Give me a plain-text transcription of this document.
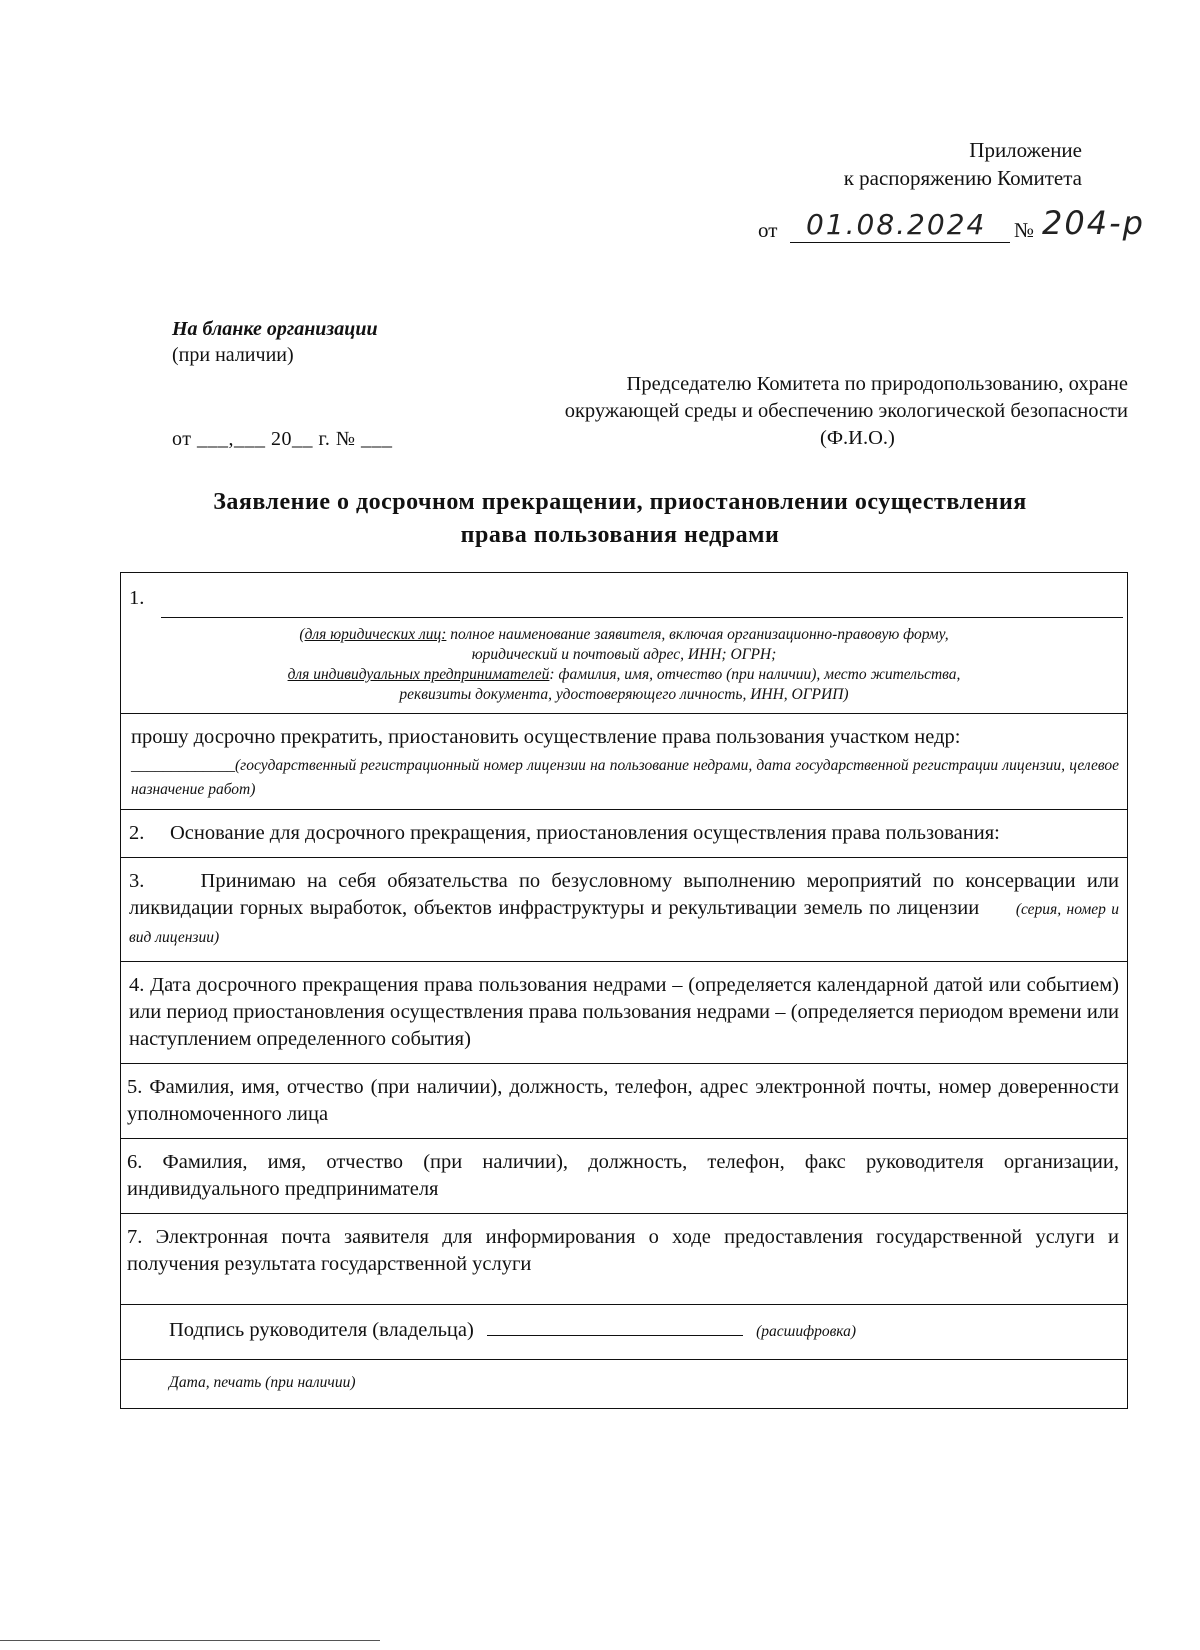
Приложение
к распоряжению Комитета
от 01.08.2024 № 204-р
На бланке организации
(при наличии)
от ___,___ 20__ г. № ___
Председателю Комитета по природопользованию, охране
окружающей среды и обеспечению экологической безопасности
(Ф.И.О.)
Заявление о досрочном прекращении, приостановлении осуществления
права пользования недрами
1.
(для юридических лиц: полное наименование заявителя, включая организационно-правовую форму,
юридический и почтовый адрес, ИНН; ОГРН;
для индивидуальных предпринимателей: фамилия, имя, отчество (при наличии), место жительства,
реквизиты документа, удостоверяющего личность, ИНН, ОГРИП)
прошу досрочно прекратить, приостановить осуществление права пользования участком недр:
_____________(государственный регистрационный номер лицензии на пользование недрами, дата государственной регистрации лицензии, целевое назначение работ)
2.     Основание для досрочного прекращения, приостановления осуществления права пользования:
3.     Принимаю на себя обязательства по безусловному выполнению мероприятий по консервации или ликвидации горных выработок, объектов инфраструктуры и рекультивации земель по лицензии (серия, номер и вид лицензии)
4. Дата досрочного прекращения права пользования недрами – (определяется календарной датой или событием) или период приостановления осуществления права пользования недрами – (определяется периодом времени или наступлением определенного события)
5. Фамилия, имя, отчество (при наличии), должность, телефон, адрес электронной почты, номер доверенности уполномоченного лица
6. Фамилия, имя, отчество (при наличии), должность, телефон, факс руководителя организации, индивидуального предпринимателя
7. Электронная почта заявителя для информирования о ходе предоставления государственной услуги и получения результата государственной услуги
Подпись руководителя (владельца)	(расшифровка)
Дата, печать (при наличии)
